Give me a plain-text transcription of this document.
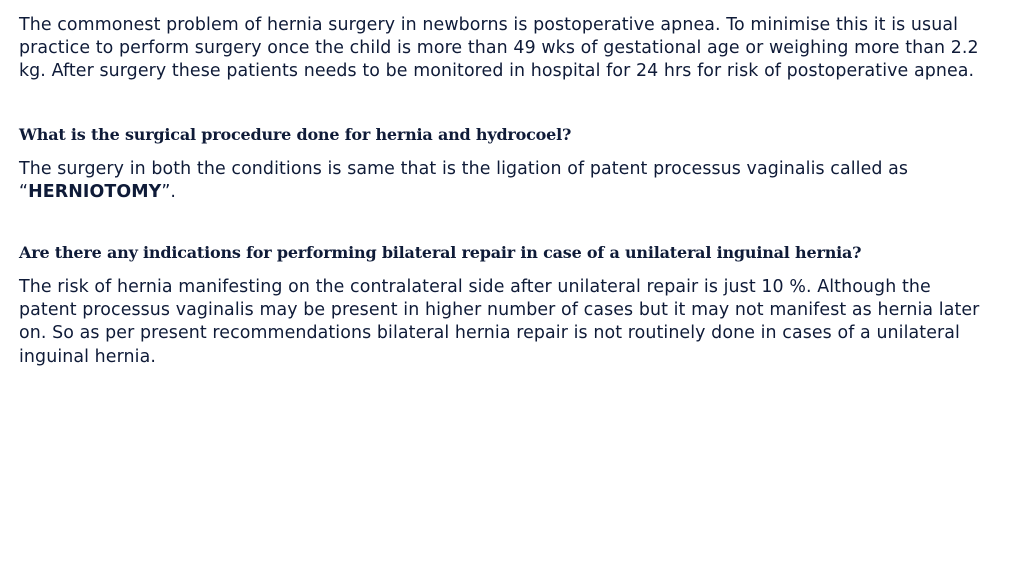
The commonest problem of hernia surgery in newborns is postoperative apnea. To minimise this it is usual practice to perform surgery once the child is more than 49 wks of gestational age or weighing more than 2.2 kg. After surgery these patients needs to be monitored in hospital for 24 hrs for risk of postoperative apnea.

What is the surgical procedure done for hernia and hydrocoel?

The surgery in both the conditions is same that is the ligation of patent processus vaginalis called as “HERNIOTOMY”.

Are there any indications for performing bilateral repair in case of a unilateral inguinal hernia?

The risk of hernia manifesting on the contralateral side after unilateral repair is just 10 %. Although the patent processus vaginalis may be present in higher number of cases but it may not manifest as hernia later on. So as per present recommendations bilateral hernia repair is not routinely done in cases of a unilateral inguinal hernia.
